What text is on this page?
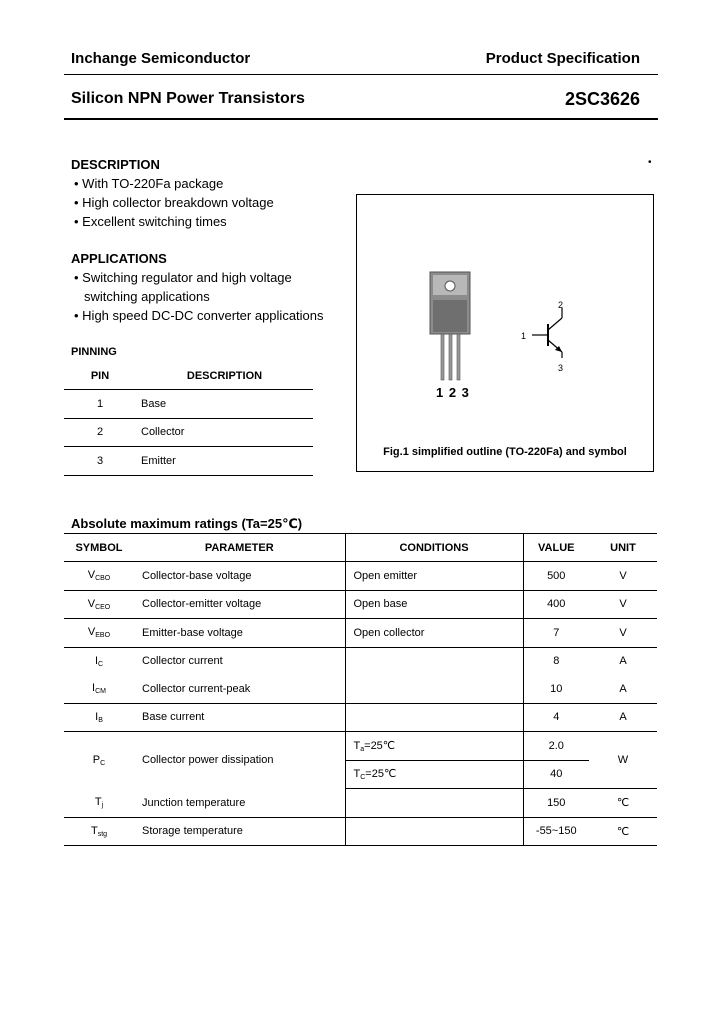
Inchange Semiconductor	Product Specification
Silicon NPN Power Transistors	2SC3626
•
DESCRIPTION
• With TO-220Fa package
• High collector breakdown voltage
• Excellent switching times
APPLICATIONS
• Switching regulator and high voltage
switching applications
• High speed DC-DC converter applications
PINNING
PIN	DESCRIPTION
1	Base
2	Collector
3	Emitter
1 2 3
1
2
3
Fig.1 simplified outline (TO-220Fa) and symbol
Absolute maximum ratings (Ta=25℃)
SYMBOL	PARAMETER	CONDITIONS	VALUE	UNIT
$V_{CBO}$	Collector-base voltage	Open emitter	500	V
$V_{CEO}$	Collector-emitter voltage	Open base	400	V
$V_{EBO}$	Emitter-base voltage	Open collector	7	V
$I_C$	Collector current		8	A
$I_{CM}$	Collector current-peak		10	A
$I_B$	Base current		4	A
$P_C$	Collector power dissipation	$T_a=25℃$	2.0	W
		$T_C=25℃$	40	
$T_j$	Junction temperature		150	℃
$T_{stg}$	Storage temperature		-55~150	℃
